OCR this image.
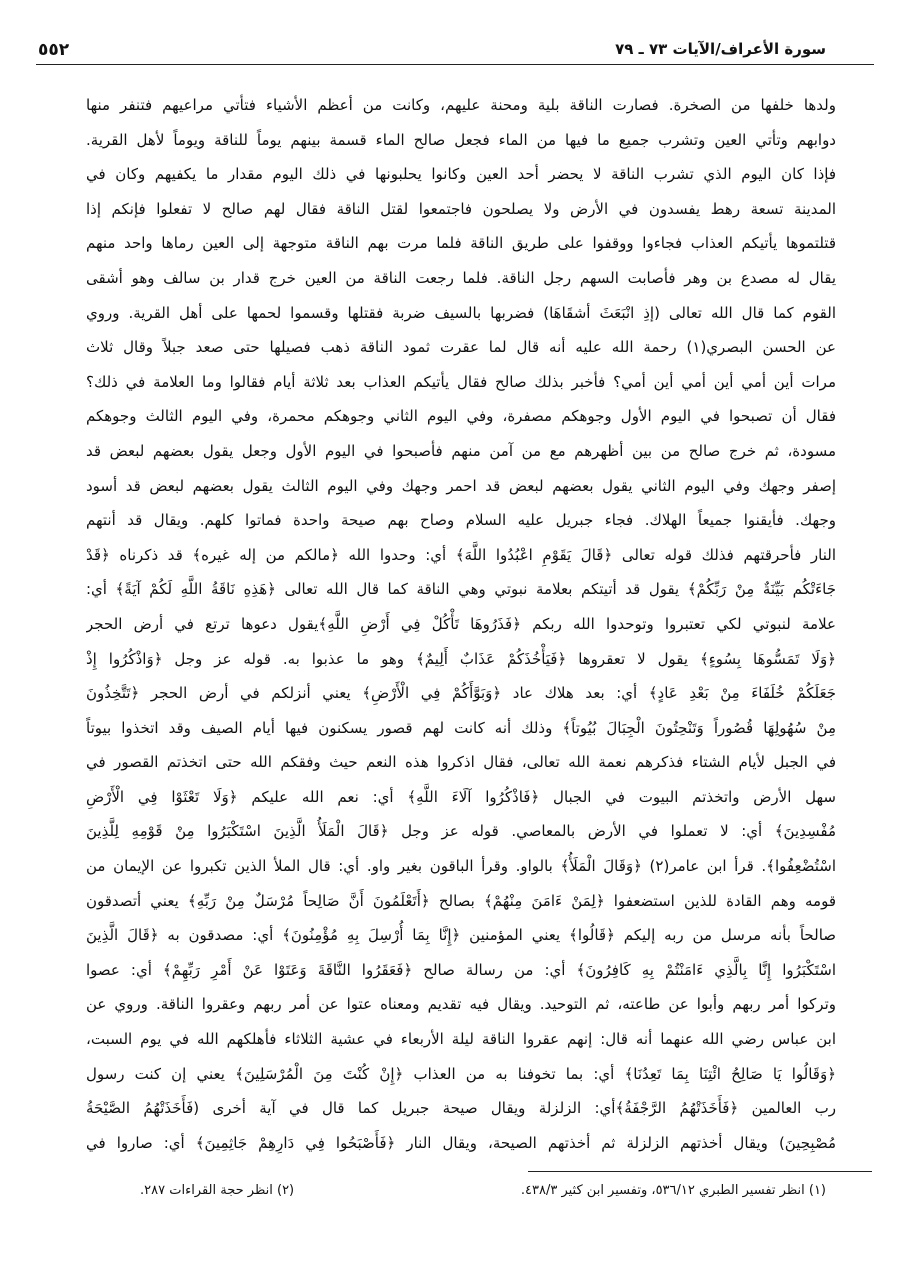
٥٥٢	سورة الأعراف/الآيات ٧٣ ـ ٧٩
ولدها خلفها من الصخرة. فصارت الناقة بلية ومحنة عليهم، وكانت من أعظم الأشياء فتأتي مراعيهم فتنفر منها
دوابهم وتأتي العين وتشرب جميع ما فيها من الماء فجعل صالح الماء قسمة بينهم يوماً للناقة ويوماً لأهل القرية.
فإذا كان اليوم الذي تشرب الناقة لا يحضر أحد العين وكانوا يحلبونها في ذلك اليوم مقدار ما يكفيهم وكان في
المدينة تسعة رهط يفسدون في الأرض ولا يصلحون فاجتمعوا لقتل الناقة فقال لهم صالح لا تفعلوا فإنكم إذا
قتلتموها يأتيكم العذاب فجاءوا ووقفوا على طريق الناقة فلما مرت بهم الناقة متوجهة إلى العين رماها واحد منهم
يقال له مصدع بن وهر فأصابت السهم رجل الناقة. فلما رجعت الناقة من العين خرج قدار بن سالف وهو أشقى
القوم كما قال الله تعالى (إذِ انْبَعَثَ أشقَاهَا) فضربها بالسيف ضربة فقتلها وقسموا لحمها على أهل القرية. وروي
عن الحسن البصري(١) رحمة الله عليه أنه قال لما عقرت ثمود الناقة ذهب فصيلها حتى صعد جبلاً وقال ثلاث
مرات أين أمي أين أمي أين أمي؟ فأخبر بذلك صالح فقال يأتيكم العذاب بعد ثلاثة أيام فقالوا وما العلامة في ذلك؟
فقال أن تصبحوا في اليوم الأول وجوهكم مصفرة، وفي اليوم الثاني وجوهكم محمرة، وفي اليوم الثالث وجوهكم
مسودة، ثم خرج صالح من بين أظهرهم مع من آمن منهم فأصبحوا في اليوم الأول وجعل يقول بعضهم لبعض قد
إصفر وجهك وفي اليوم الثاني يقول بعضهم لبعض قد احمر وجهك وفي اليوم الثالث يقول بعضهم لبعض قد أسود
وجهك. فأيقنوا جميعاً الهلاك. فجاء جبريل عليه السلام وصاح بهم صيحة واحدة فماتوا كلهم. ويقال قد أنتهم
النار فأحرقتهم فذلك قوله تعالى ﴿قَالَ يَقَوْمِ اعْبُدُوا اللَّهَ﴾ أي: وحدوا الله ﴿مالكم من إله غيره﴾ قد ذكرناه ﴿قَدْ
جَاءَتْكُم بَيِّنَةٌ مِنْ رَبِّكُمْ﴾ يقول قد أتيتكم بعلامة نبوتي وهي الناقة كما قال الله تعالى ﴿هَذِهِ نَاقَةُ اللَّهِ لَكُمْ آيَةً﴾ أي:
علامة لنبوتي لكي تعتبروا وتوحدوا الله ربكم ﴿فَذَرُوهَا تَأْكُلْ فِي أَرْضِ اللَّهِ﴾يقول دعوها ترتع في أرض الحجر
﴿وَلَا تَمَسُّوهَا بِسُوءٍ﴾ يقول لا تعقروها ﴿فَيَأْخُذَكُمْ عَذَابٌ أَلِيمٌ﴾ وهو ما عذبوا به. قوله عز وجل ﴿وَاذْكُرُوا إِذْ
جَعَلَكُمْ خُلَفَاءَ مِنْ بَعْدِ عَادٍ﴾ أي: بعد هلاك عاد ﴿وَبَوَّأَكُمْ فِي الْأَرْضِ﴾ يعني أنزلكم في أرض الحجر ﴿تَتَّخِذُونَ
مِنْ سُهُولِهَا قُصُوراً وَتَنْحِتُونَ الْجِبَالَ بُيُوتاً﴾ وذلك أنه كانت لهم قصور يسكنون فيها أيام الصيف وقد اتخذوا بيوتاً
في الجبل لأيام الشتاء فذكرهم نعمة الله تعالى، فقال اذكروا هذه النعم حيث وفقكم الله حتى اتخذتم القصور في
سهل الأرض واتخذتم البيوت في الجبال ﴿فَاذْكُرُوا آلَاءَ اللَّهِ﴾ أي: نعم الله عليكم ﴿وَلَا تَعْثَوْا فِي الْأَرْضِ
مُفْسِدِينَ﴾ أي: لا تعملوا في الأرض بالمعاصي. قوله عز وجل ﴿قَالَ الْمَلَأُ الَّذِينَ اسْتَكْبَرُوا مِنْ قَوْمِهِ لِلَّذِينَ
اسْتُضْعِفُوا﴾. قرأ ابن عامر(٢) ﴿وَقَالَ الْمَلَأُ﴾ بالواو. وقرأ الباقون بغير واو. أي: قال الملأ الذين تكبروا عن الإيمان من
قومه وهم القادة للذين استضعفوا ﴿لِمَنْ ءَامَنَ مِنْهُمْ﴾ بصالح ﴿أَتَعْلَمُونَ أَنَّ صَالِحاً مُرْسَلٌ مِنْ رَبِّهِ﴾ يعني أتصدقون
صالحاً بأنه مرسل من ربه إليكم ﴿قَالُوا﴾ يعني المؤمنين ﴿إِنَّا بِمَا أُرْسِلَ بِهِ مُؤْمِنُونَ﴾ أي: مصدقون به ﴿قَالَ الَّذِينَ
اسْتَكْبَرُوا إِنَّا بِالَّذِي ءَامَنْتُمْ بِهِ كَافِرُونَ﴾ أي: من رسالة صالح ﴿فَعَقَرُوا النَّاقَةَ وَعَتَوْا عَنْ أَمْرِ رَبِّهِمْ﴾ أي: عصوا
وتركوا أمر ربهم وأبوا عن طاعته، ثم التوحيد. ويقال فيه تقديم ومعناه عتوا عن أمر ربهم وعقروا الناقة. وروي عن
ابن عباس رضي الله عنهما أنه قال: إنهم عقروا الناقة ليلة الأربعاء في عشية الثلاثاء فأهلكهم الله في يوم السبت،
﴿وَقَالُوا يَا صَالِحُ ائْتِنَا بِمَا تَعِدُنَا﴾ أي: بما تخوفنا به من العذاب ﴿إِنْ كُنْتَ مِنَ الْمُرْسَلِينَ﴾ يعني إن كنت رسول
رب العالمين ﴿فَأَخَذَتْهُمُ الرَّجْفَةُ﴾أي: الزلزلة ويقال صيحة جبريل كما قال في آية أخرى (فَأَخَذَتْهُمُ الصَّيْحَةُ
مُصْبِحِينَ) ويقال أخذتهم الزلزلة ثم أخذتهم الصيحة، ويقال النار ﴿فَأَصْبَحُوا فِي دَارِهِمْ جَاثِمِينَ﴾ أي: صاروا في
(١) انظر تفسير الطبري ٥٣٦/١٢، وتفسير ابن كثير ٤٣٨/٣.
(٢) انظر حجة القراءات ٢٨٧.
